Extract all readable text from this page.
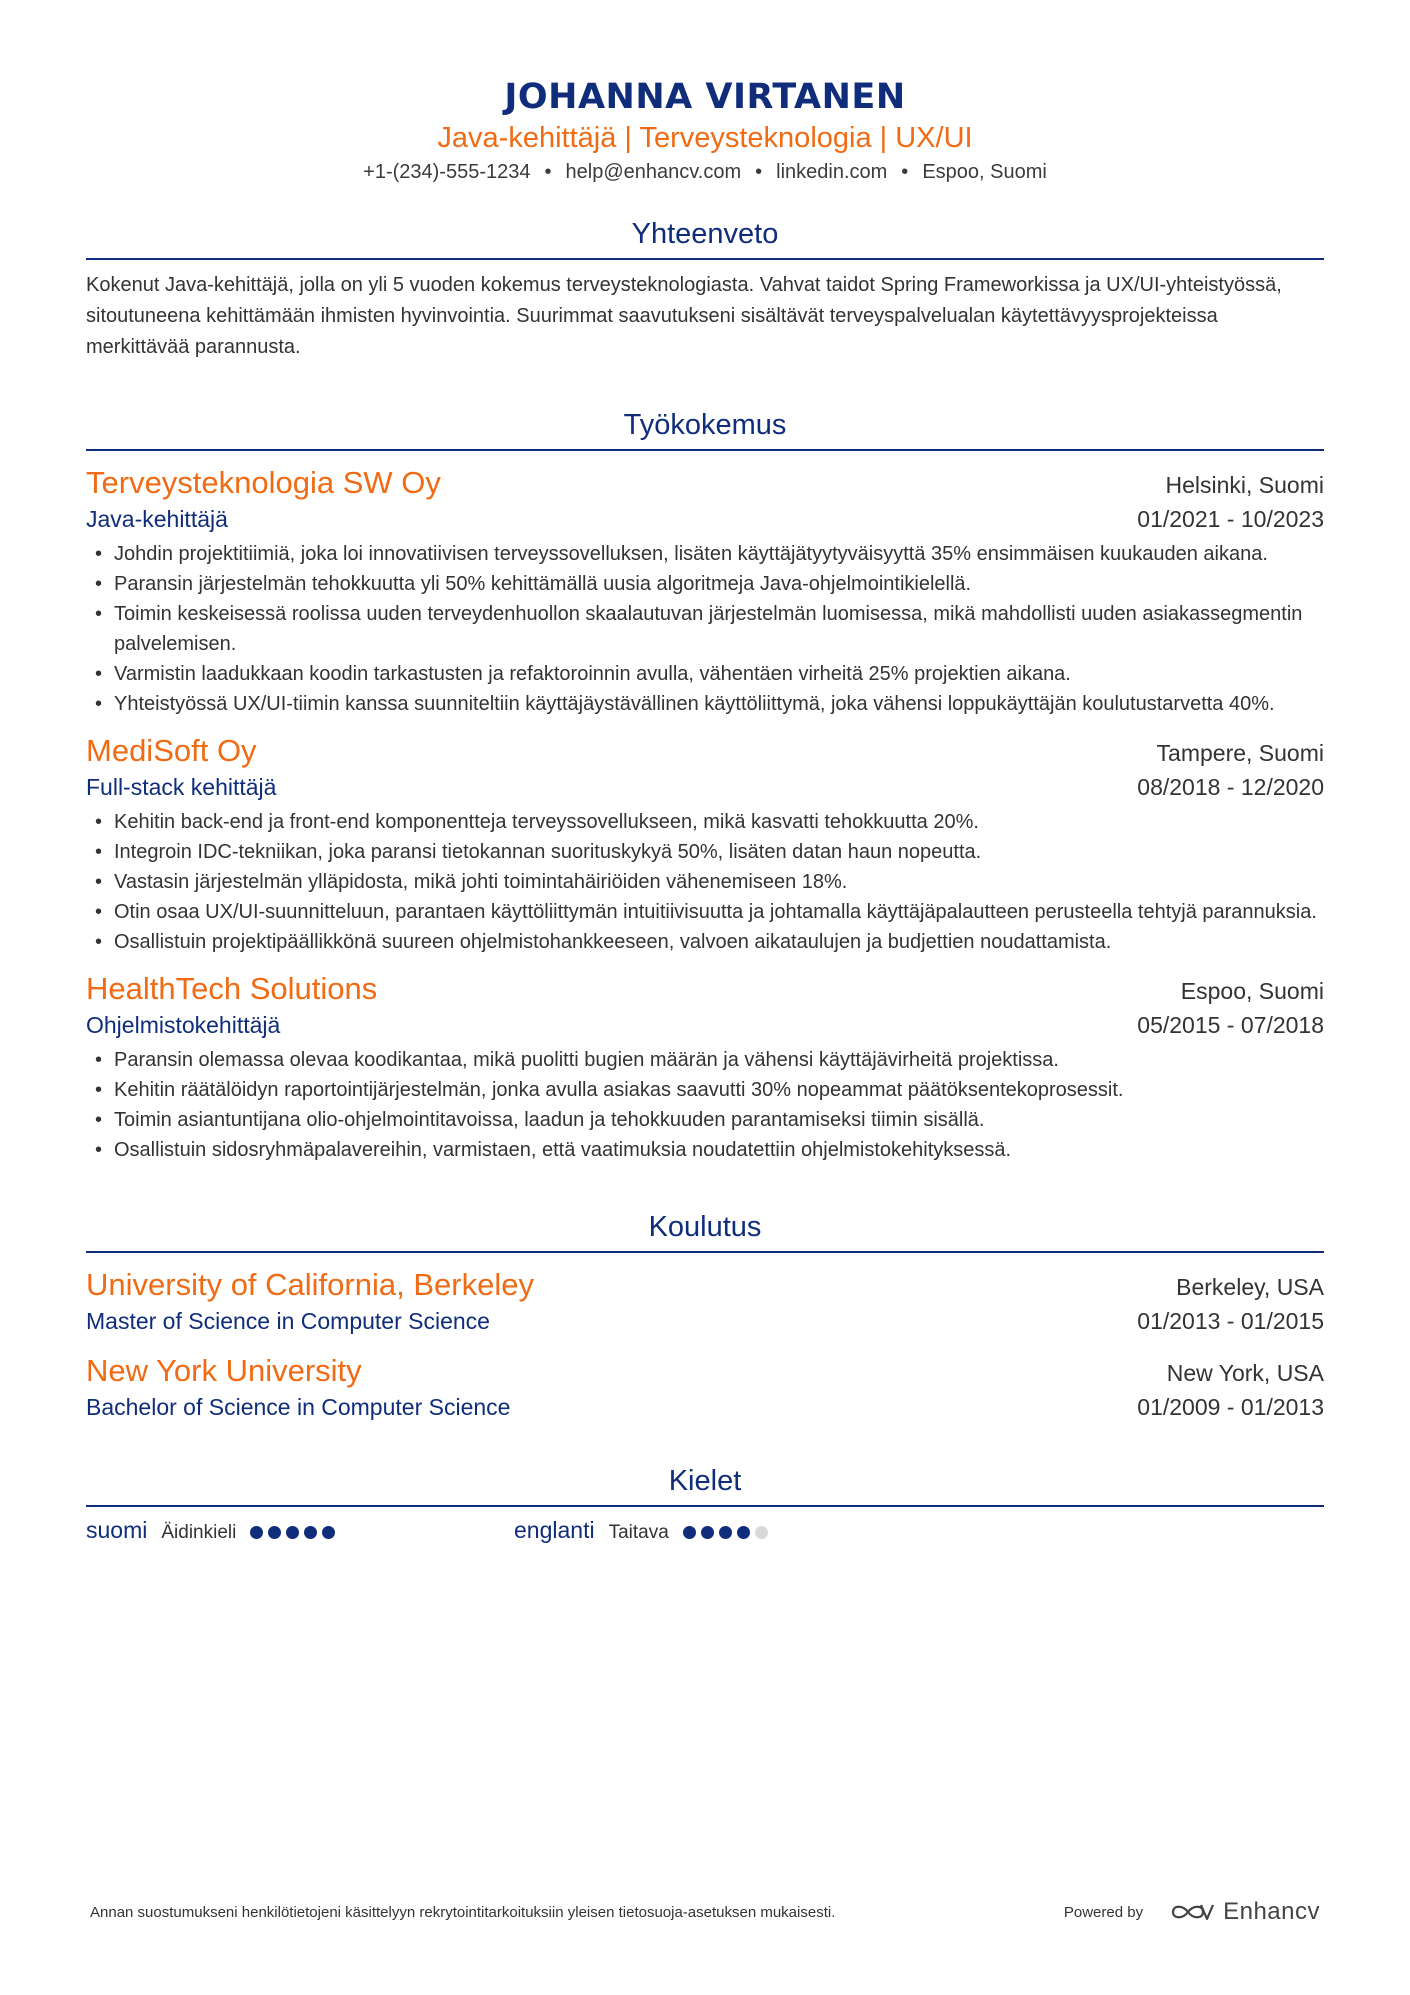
JOHANNA VIRTANEN
Java-kehittäjä | Terveysteknologia | UX/UI
+1-(234)-555-1234 • help@enhancv.com • linkedin.com • Espoo, Suomi
Yhteenveto
Kokenut Java-kehittäjä, jolla on yli 5 vuoden kokemus terveysteknologiasta. Vahvat taidot Spring Frameworkissa ja UX/UI-yhteistyössä, sitoutuneena kehittämään ihmisten hyvinvointia. Suurimmat saavutukseni sisältävät terveyspalvelualan käytettävyysprojekteissa merkittävää parannusta.
Työkokemus
Terveysteknologia SW Oy	Helsinki, Suomi
Java-kehittäjä	01/2021 - 10/2023
• Johdin projektitiimiä, joka loi innovatiivisen terveyssovelluksen, lisäten käyttäjätyytyväisyyttä 35% ensimmäisen kuukauden aikana.
• Paransin järjestelmän tehokkuutta yli 50% kehittämällä uusia algoritmeja Java-ohjelmointikielellä.
• Toimin keskeisessä roolissa uuden terveydenhuollon skaalautuvan järjestelmän luomisessa, mikä mahdollisti uuden asiakassegmentin palvelemisen.
• Varmistin laadukkaan koodin tarkastusten ja refaktoroinnin avulla, vähentäen virheitä 25% projektien aikana.
• Yhteistyössä UX/UI-tiimin kanssa suunniteltiin käyttäjäystävällinen käyttöliittymä, joka vähensi loppukäyttäjän koulutustarvetta 40%.
MediSoft Oy	Tampere, Suomi
Full-stack kehittäjä	08/2018 - 12/2020
• Kehitin back-end ja front-end komponentteja terveyssovellukseen, mikä kasvatti tehokkuutta 20%.
• Integroin IDC-tekniikan, joka paransi tietokannan suorituskykyä 50%, lisäten datan haun nopeutta.
• Vastasin järjestelmän ylläpidosta, mikä johti toimintahäiriöiden vähenemiseen 18%.
• Otin osaa UX/UI-suunnitteluun, parantaen käyttöliittymän intuitiivisuutta ja johtamalla käyttäjäpalautteen perusteella tehtyjä parannuksia.
• Osallistuin projektipäällikkönä suureen ohjelmistohankkeeseen, valvoen aikataulujen ja budjettien noudattamista.
HealthTech Solutions	Espoo, Suomi
Ohjelmistokehittäjä	05/2015 - 07/2018
• Paransin olemassa olevaa koodikantaa, mikä puolitti bugien määrän ja vähensi käyttäjävirheitä projektissa.
• Kehitin räätälöidyn raportointijärjestelmän, jonka avulla asiakas saavutti 30% nopeammat päätöksentekoprosessit.
• Toimin asiantuntijana olio-ohjelmointitavoissa, laadun ja tehokkuuden parantamiseksi tiimin sisällä.
• Osallistuin sidosryhmäpalavereihin, varmistaen, että vaatimuksia noudatettiin ohjelmistokehityksessä.
Koulutus
University of California, Berkeley	Berkeley, USA
Master of Science in Computer Science	01/2013 - 01/2015
New York University	New York, USA
Bachelor of Science in Computer Science	01/2009 - 01/2013
Kielet
suomi Äidinkieli	englanti Taitava
Annan suostumukseni henkilötietojeni käsittelyyn rekrytointitarkoituksiin yleisen tietosuoja-asetuksen mukaisesti.	Powered by	Enhancv
